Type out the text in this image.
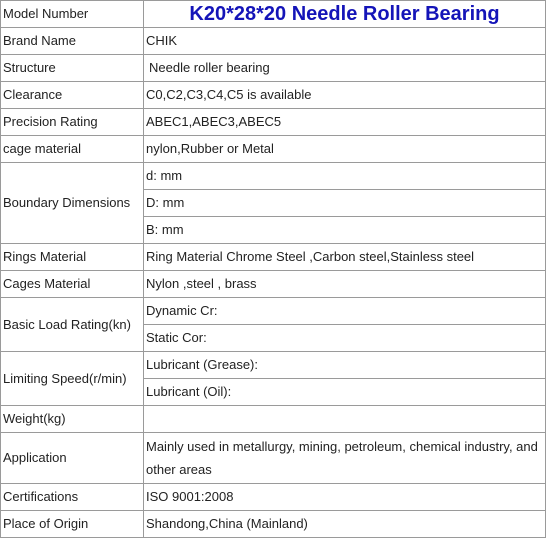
Model Number	K20*28*20 Needle Roller Bearing
Brand Name	CHIK
Structure	Needle roller bearing
Clearance	C0,C2,C3,C4,C5 is available
Precision Rating	ABEC1,ABEC3,ABEC5
cage material	nylon,Rubber or Metal
Boundary Dimensions	d: mm
	D: mm
	B: mm
Rings Material	Ring Material Chrome Steel ,Carbon steel,Stainless steel
Cages Material	Nylon ,steel , brass
Basic Load Rating(kn)	Dynamic Cr:
	Static Cor:
Limiting Speed(r/min)	Lubricant (Grease):
	Lubricant (Oil):
Weight(kg)	
Application	Mainly used in metallurgy, mining, petroleum, chemical industry, and other areas
Certifications	ISO 9001:2008
Place of Origin	Shandong,China (Mainland)
